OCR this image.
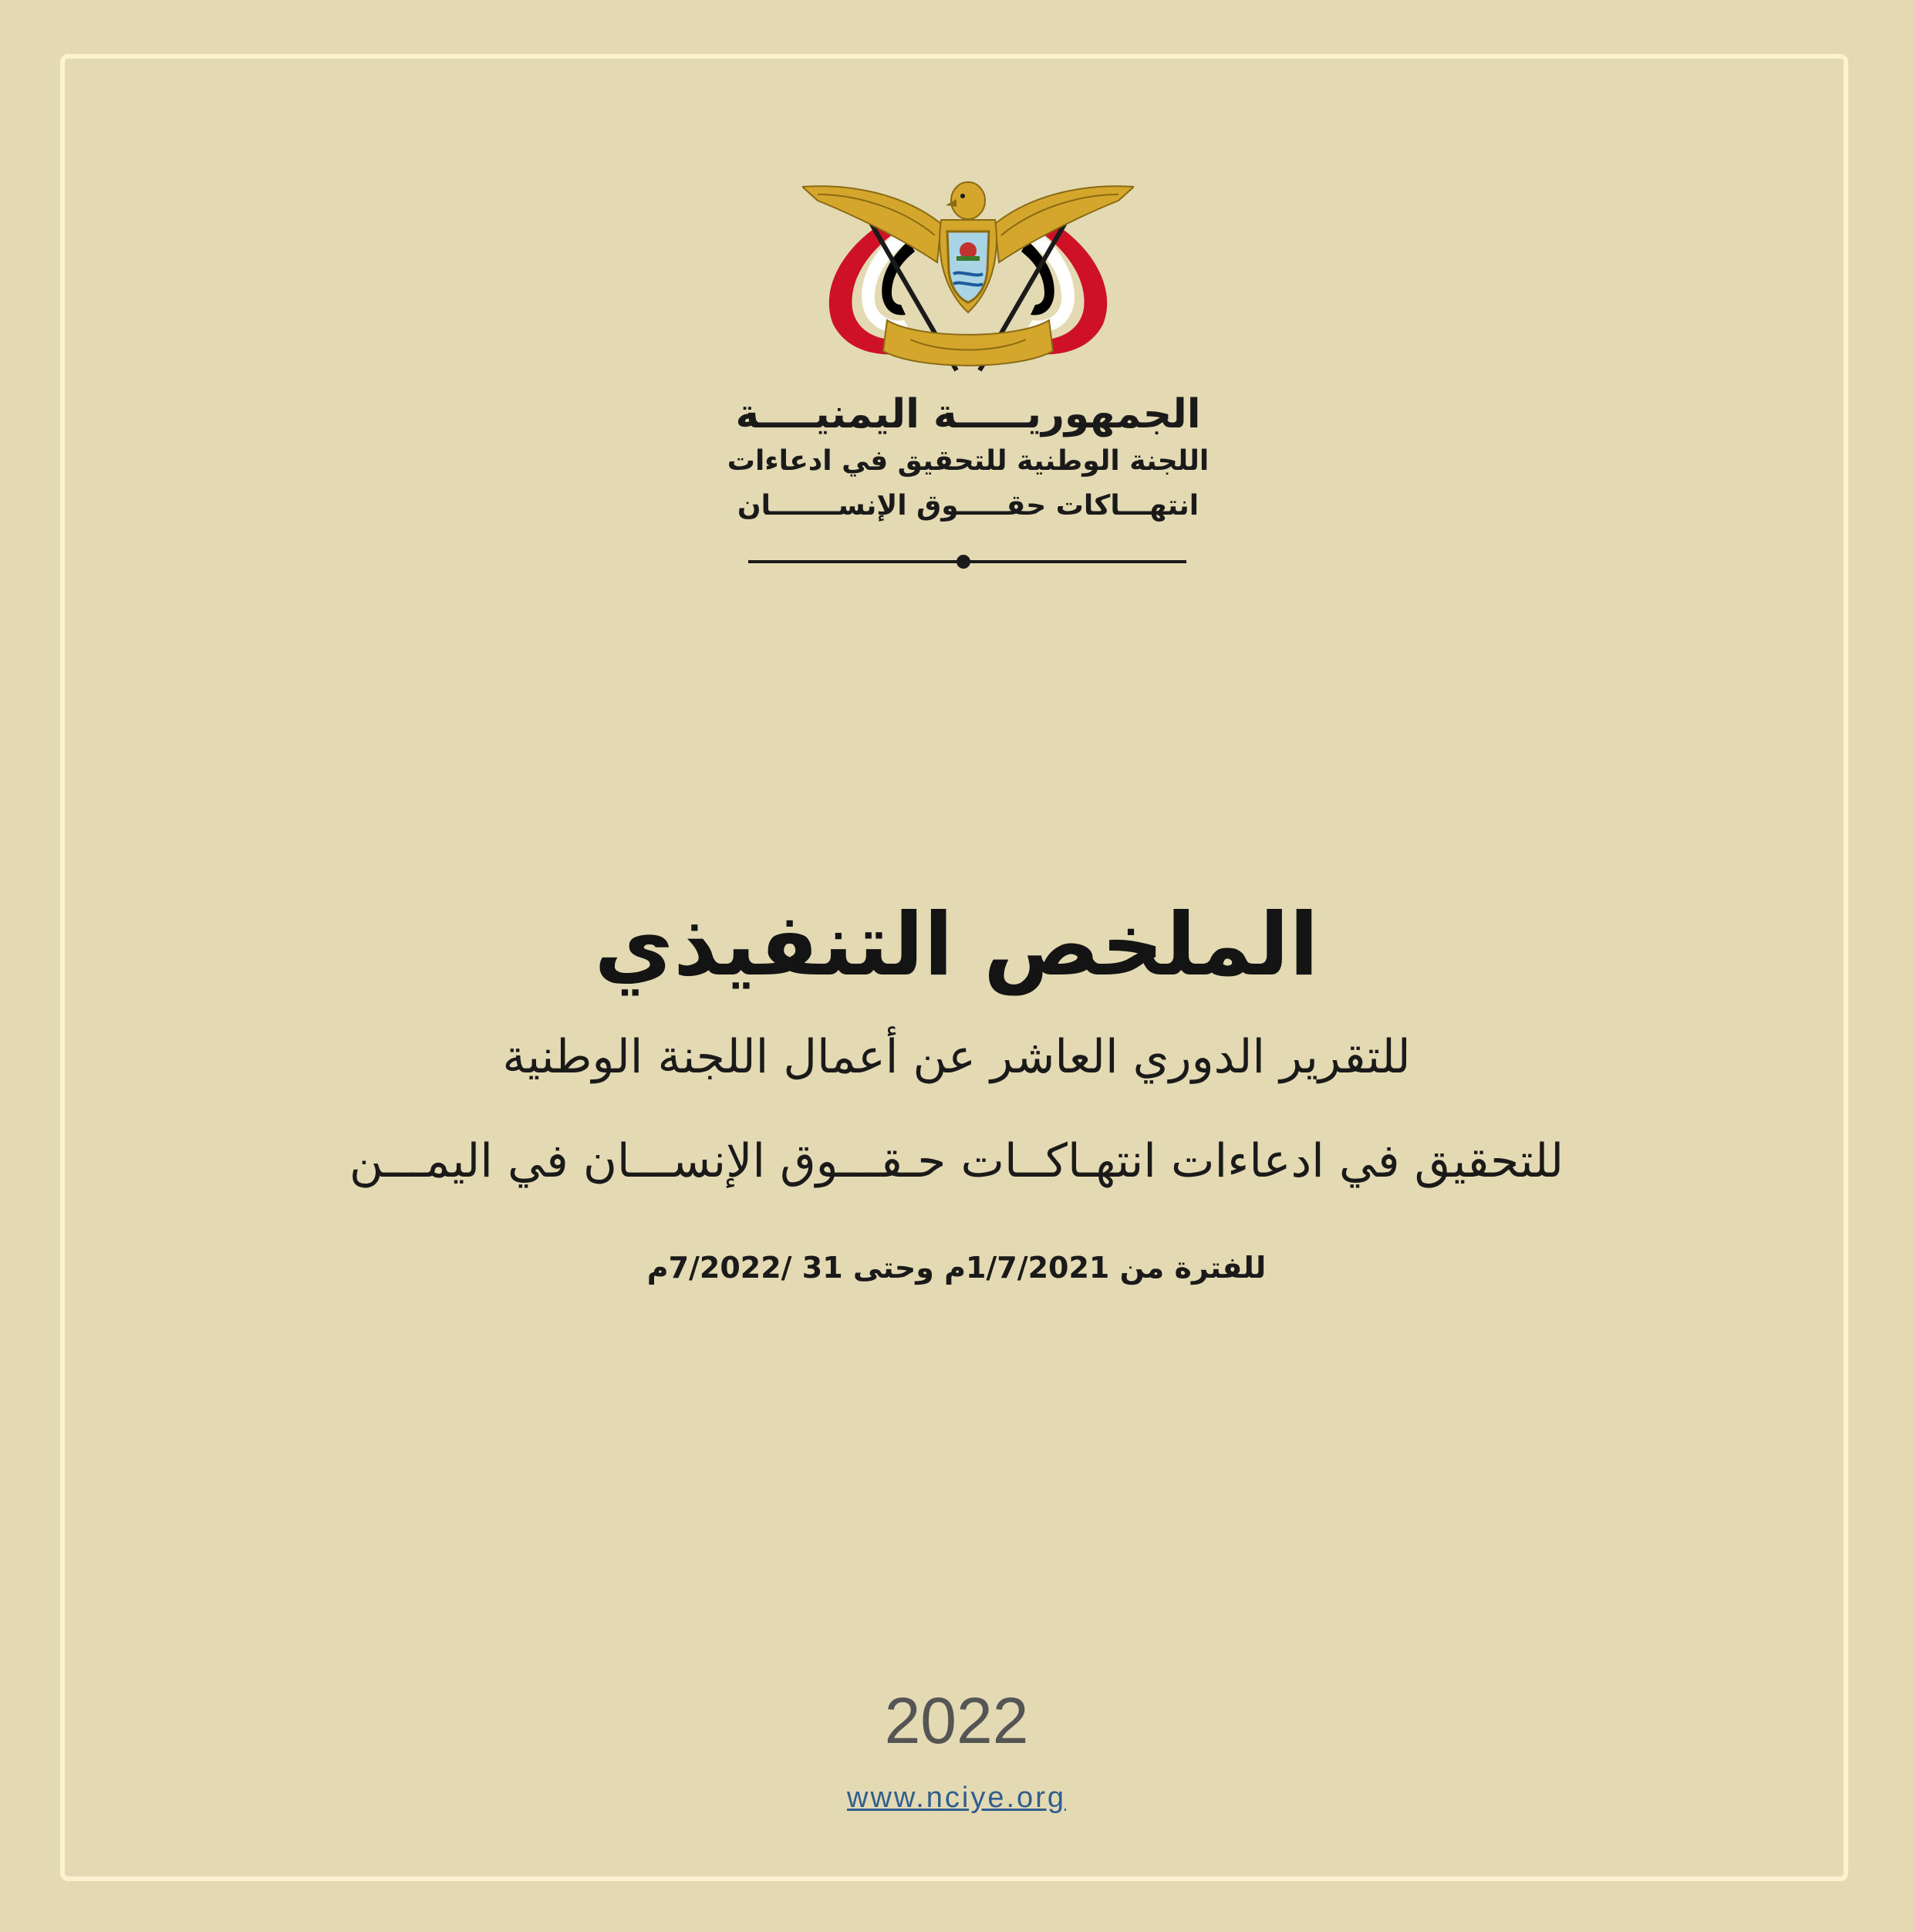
الجمهوريـــــة اليمنيــــة
اللجنة الوطنية للتحقيق في ادعاءات
انتهـــاكات حقـــــوق الإنســـــــان
الملخص التنفيذي
للتقرير الدوري العاشر عن أعمال اللجنة الوطنية
للتحقيق في ادعاءات انتهـاكــات حـقـــوق الإنســـان في اليمـــن
للفترة من 1/7/2021م وحتى 31 /7/2022م
2022
www.nciye.org
